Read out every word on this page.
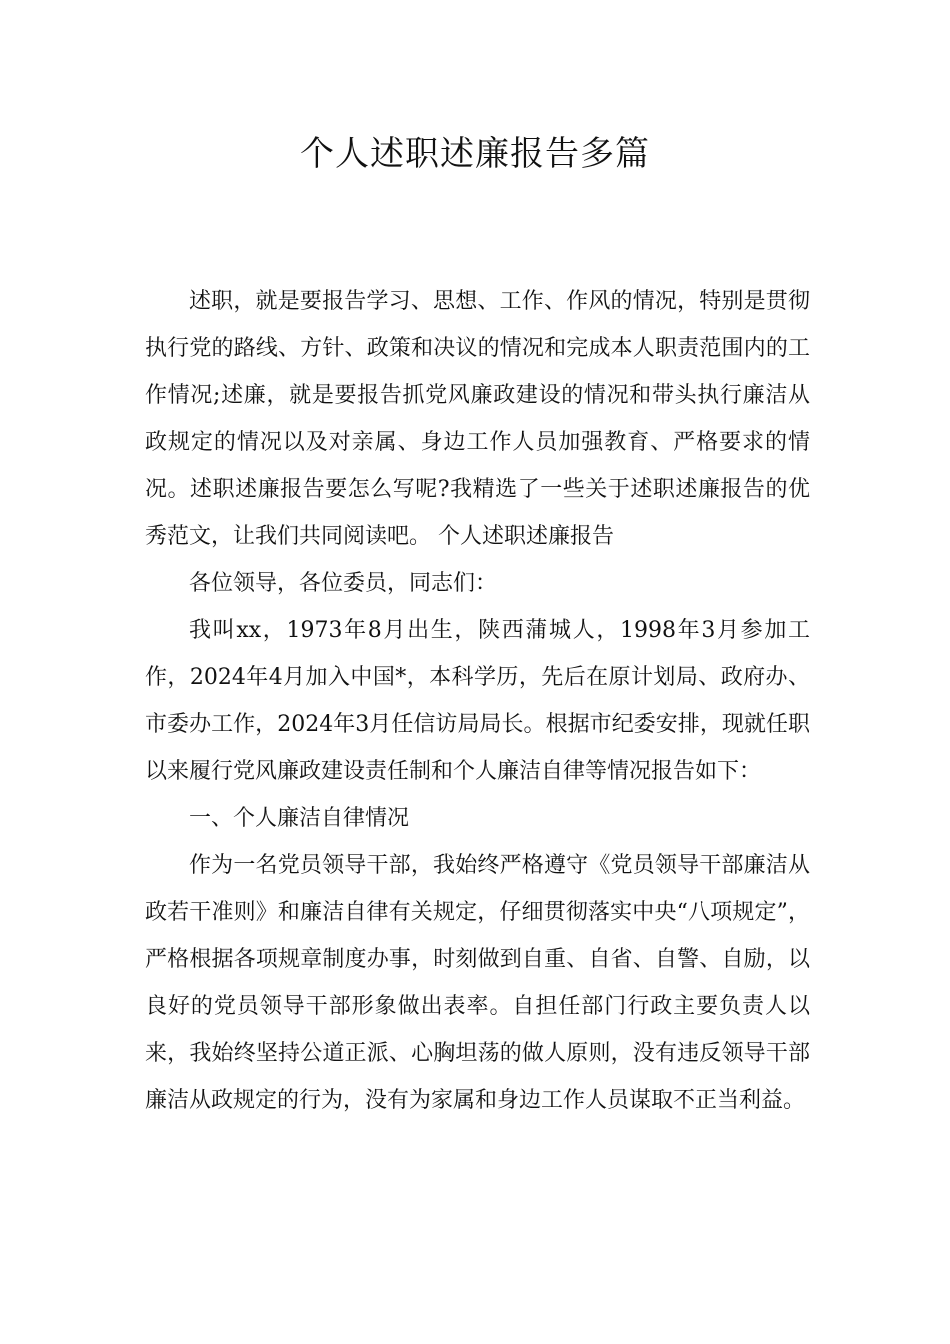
个人述职述廉报告多篇

述职，就是要报告学习、思想、工作、作风的情况，特别是贯彻执行党的路线、方针、政策和决议的情况和完成本人职责范围内的工作情况;述廉，就是要报告抓党风廉政建设的情况和带头执行廉洁从政规定的情况以及对亲属、身边工作人员加强教育、严格要求的情况。述职述廉报告要怎么写呢?我精选了一些关于述职述廉报告的优秀范文，让我们共同阅读吧。 个人述职述廉报告

各位领导，各位委员，同志们：

我叫xx，1973年8月出生，陕西蒲城人，1998年3月参加工作，2024年4月加入中国*，本科学历，先后在原计划局、政府办、市委办工作，2024年3月任信访局局长。根据市纪委安排，现就任职以来履行党风廉政建设责任制和个人廉洁自律等情况报告如下：

一、个人廉洁自律情况

作为一名党员领导干部，我始终严格遵守《党员领导干部廉洁从政若干准则》和廉洁自律有关规定，仔细贯彻落实中央“八项规定”，严格根据各项规章制度办事，时刻做到自重、自省、自警、自励，以良好的党员领导干部形象做出表率。自担任部门行政主要负责人以来，我始终坚持公道正派、心胸坦荡的做人原则，没有违反领导干部廉洁从政规定的行为，没有为家属和身边工作人员谋取不正当利益。
